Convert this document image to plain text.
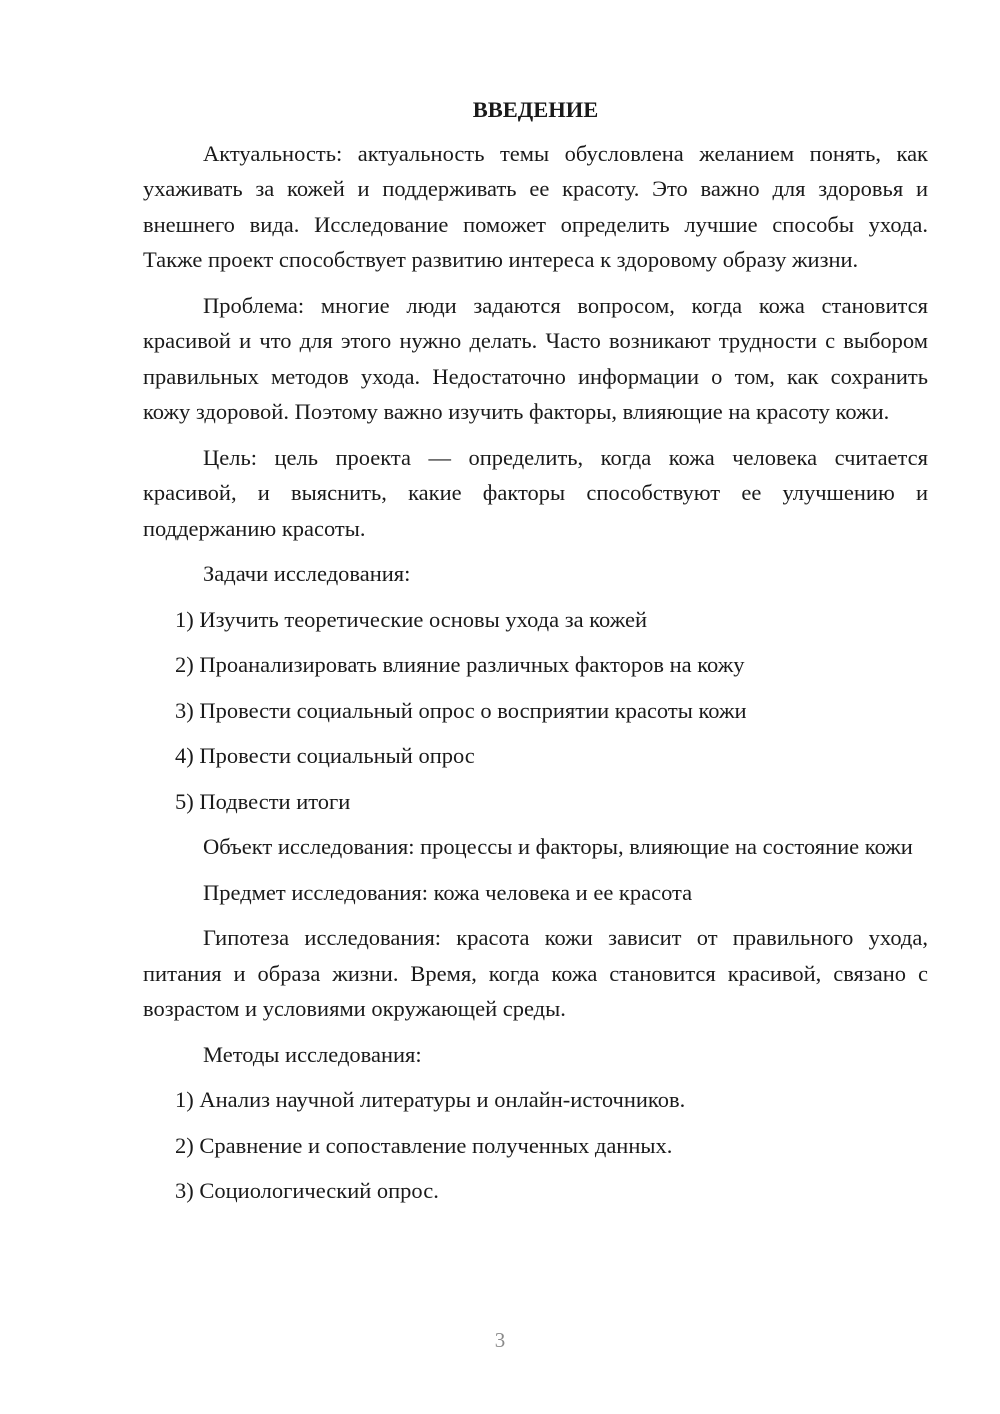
ВВЕДЕНИЕ

Актуальность: актуальность темы обусловлена желанием понять, как ухаживать за кожей и поддерживать ее красоту. Это важно для здоровья и внешнего вида. Исследование поможет определить лучшие способы ухода. Также проект способствует развитию интереса к здоровому образу жизни.

Проблема: многие люди задаются вопросом, когда кожа становится красивой и что для этого нужно делать. Часто возникают трудности с выбором правильных методов ухода. Недостаточно информации о том, как сохранить кожу здоровой. Поэтому важно изучить факторы, влияющие на красоту кожи.

Цель: цель проекта — определить, когда кожа человека считается красивой, и выяснить, какие факторы способствуют ее улучшению и поддержанию красоты.

Задачи исследования:

1) Изучить теоретические основы ухода за кожей
2) Проанализировать влияние различных факторов на кожу
3) Провести социальный опрос о восприятии красоты кожи
4) Провести социальный опрос
5) Подвести итоги

Объект исследования: процессы и факторы, влияющие на состояние кожи

Предмет исследования: кожа человека и ее красота

Гипотеза исследования: красота кожи зависит от правильного ухода, питания и образа жизни. Время, когда кожа становится красивой, связано с возрастом и условиями окружающей среды.

Методы исследования:

1) Анализ научной литературы и онлайн-источников.
2) Сравнение и сопоставление полученных данных.
3) Социологический опрос.
3
